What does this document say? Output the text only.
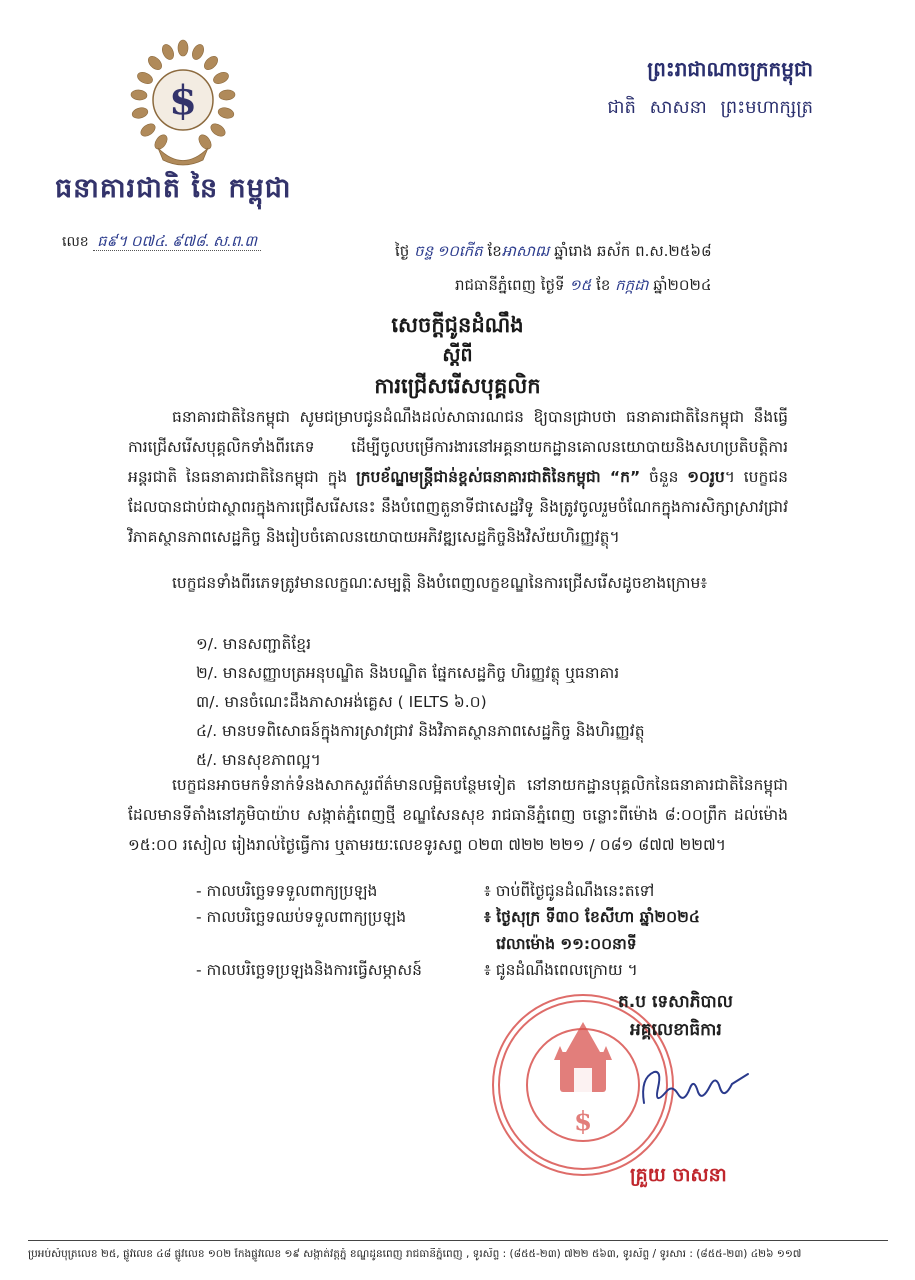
$
ធនាគារជាតិ នៃ កម្ពុជា
លេខ ធ៩។ ០៧៤. ៩៧៨. ស.ព.៣
ព្រះរាជាណាចក្រកម្ពុជា
ជាតិ សាសនា ព្រះមហាក្សត្រ
ថ្ងៃ ចន្ទ ១០កើត ខែអាសាឍ ឆ្នាំរោង ឆស័ក ព.ស.២៥៦៨
រាជធានីភ្នំពេញ ថ្ងៃទី ១៥ ខែ កក្កដា ឆ្នាំ២០២៤
សេចក្ដីជូនដំណឹង
ស្ដីពី
ការជ្រើសរើសបុគ្គលិក
ធនាគារជាតិនៃកម្ពុជា សូមជម្រាបជូនដំណឹងដល់សាធារណជន ឱ្យបានជ្រាបថា ធនាគារជាតិនៃកម្ពុជា នឹងធ្វើការជ្រើសរើសបុគ្គលិកទាំងពីរភេទ ដើម្បីចូលបម្រើការងារនៅអគ្គនាយកដ្ឋានគោលនយោបាយនិងសហប្រតិបត្តិការអន្តរជាតិ នៃធនាគារជាតិនៃកម្ពុជា ក្នុង ក្របខ័ណ្ឌមន្ត្រីជាន់ខ្ពស់ធនាគារជាតិនៃកម្ពុជា “ក” ចំនួន ១០រូប។ បេក្ខជនដែលបានជាប់ជាស្ថាពរក្នុងការជ្រើសរើសនេះ នឹងបំពេញតួនាទីជាសេដ្ឋវិទូ និងត្រូវចូលរួមចំណែកក្នុងការសិក្សាស្រាវជ្រាវ វិភាគស្ថានភាពសេដ្ឋកិច្ច និងរៀបចំគោលនយោបាយអភិវឌ្ឍសេដ្ឋកិច្ចនិងវិស័យហិរញ្ញវត្ថុ។
បេក្ខជនទាំងពីរភេទត្រូវមានលក្ខណៈសម្បត្តិ និងបំពេញលក្ខខណ្ឌនៃការជ្រើសរើសដូចខាងក្រោម៖
១/. មានសញ្ជាតិខ្មែរ
២/. មានសញ្ញាបត្រអនុបណ្ឌិត និងបណ្ឌិត ផ្នែកសេដ្ឋកិច្ច ហិរញ្ញវត្ថុ ឬធនាគារ
៣/. មានចំណេះដឹងភាសាអង់គ្លេស ( IELTS ៦.០)
៤/. មានបទពិសោធន៍ក្នុងការស្រាវជ្រាវ និងវិភាគស្ថានភាពសេដ្ឋកិច្ច និងហិរញ្ញវត្ថុ
៥/. មានសុខភាពល្អ។
បេក្ខជនអាចមកទំនាក់ទំនងសាកសួរព័ត៌មានលម្អិតបន្ថែមទៀត នៅនាយកដ្ឋានបុគ្គលិកនៃធនាគារជាតិនៃកម្ពុជា ដែលមានទីតាំងនៅភូមិបាយ៉ាប សង្កាត់ភ្នំពេញថ្មី ខណ្ឌសែនសុខ រាជធានីភ្នំពេញ ចន្លោះពីម៉ោង ៨:០០ព្រឹក ដល់ម៉ោង ១៥:០០ រសៀល រៀងរាល់ថ្ងៃធ្វើការ ឬតាមរយៈលេខទូរសព្ទ ០២៣ ៧២២ ២២១ / ០៨១ ៨៧៧ ២២៧។
- កាលបរិច្ឆេទទទួលពាក្យប្រឡង	៖ ចាប់ពីថ្ងៃជូនដំណឹងនេះតទៅ
- កាលបរិច្ឆេទឈប់ទទួលពាក្យប្រឡង	៖ ថ្ងៃសុក្រ ទី៣០ ខែសីហា ឆ្នាំ២០២៤
វេលាម៉ោង ១១:០០នាទី
- កាលបរិច្ឆេទប្រឡងនិងការធ្វើសម្ភាសន៍	៖ ជូនដំណឹងពេលក្រោយ ។
$
ត.ប ទេសាភិបាល
អគ្គលេខាធិការ
គ្រួយ ចាសនា
ប្រអប់សំបុត្រលេខ ២៥, ផ្លូវលេខ ៤៨ ផ្លូវលេខ ១០២ កែងផ្លូវលេខ ១៩ សង្កាត់វត្តភ្នំ ខណ្ឌដូនពេញ រាជធានីភ្នំពេញ , ទូរស័ព្ទ : (៨៥៥-២៣) ៧២២ ៥៦៣, ទូរស័ព្ទ / ទូរសារ : (៨៥៥-២៣) ៤២៦ ១១៧
